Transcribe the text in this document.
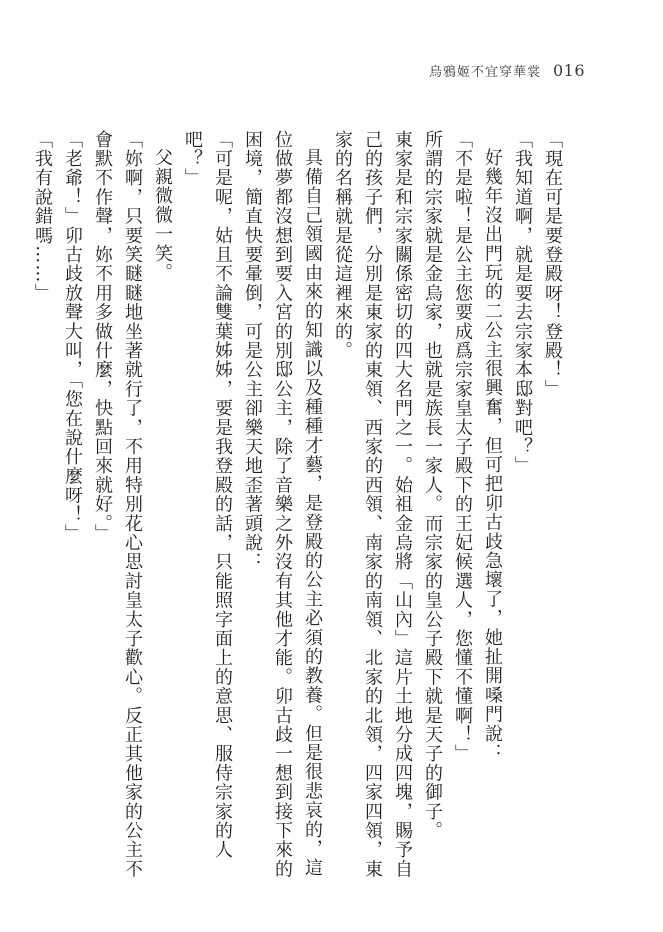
烏鴉姬不宜穿華裳 016

「現在可是要登殿呀！登殿！」

「我知道啊，就是要去宗家本邸對吧？」

好幾年沒出門玩的二公主很興奮，但可把卯古歧急壞了，她扯開嗓門說：

「不是啦！是公主您要成爲宗家皇太子殿下的王妃候選人，您懂不懂啊！」

所謂的宗家就是金烏家，也就是族長一家人。而宗家的皇公子殿下就是天子的御子。

東家是和宗家關係密切的四大名門之一。始祖金烏將「山內」這片土地分成四塊，賜予自己的孩子們，分別是東家的東領、西家的西領、南家的南領、北家的北領，四家四領，東家的名稱就是從這裡來的。

具備自己領國由來的知識以及種種才藝，是登殿的公主必須的教養。但是很悲哀的，這位做夢都沒想到要入宮的別邸公主，除了音樂之外沒有其他才能。卯古歧一想到接下來的困境，簡直快要暈倒，可是公主卻樂天地歪著頭說：

「可是呢，姑且不論雙葉姊姊，要是我登殿的話，只能照字面上的意思、服侍宗家的人吧？」

父親微微一笑。

「妳啊，只要笑瞇瞇地坐著就行了，不用特別花心思討皇太子歡心。反正其他家的公主不會默不作聲，妳不用多做什麼，快點回來就好。」

「老爺！」卯古歧放聲大叫，「您在說什麼呀！」

「我有說錯嗎……」
